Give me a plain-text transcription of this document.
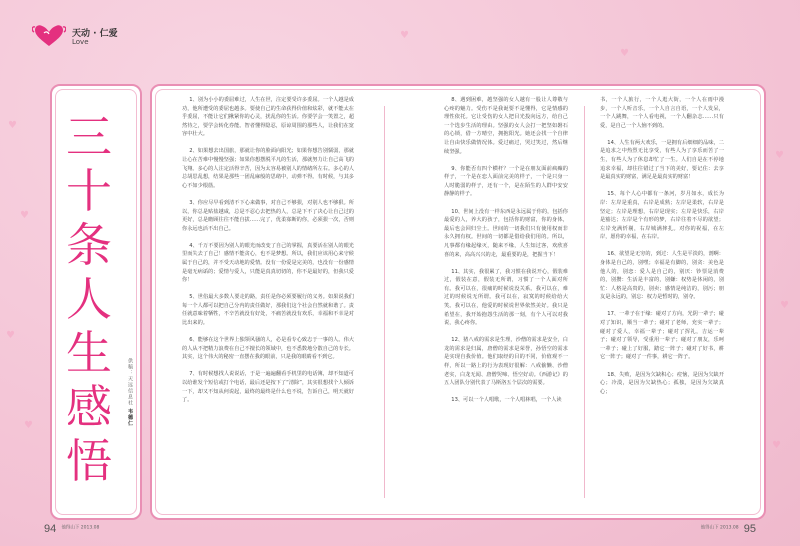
♥
♥
♥
♥
♥
♥
♥
♥
♥
天动 · 仁爱
Love
三
十
条
人
生
感
悟
供稿：天远信息社 韦德仁

1、别为小小的委屈难过，人生在世，注定要受许多委屈。一个人越是成功，他所遭受的委屈也越多。要使自己的生命获得价值和炫彩，就不能太在乎委屈，不能让它们揪紧你的心灵，扰乱你的生活。你要学会一笑置之，超然待之，要学会转化券能。智者懂得隐忍，原谅周围的那些人，让我们在宽容中壮大。

2、如果想去出国旅，那就让你的脸面向阳光；如果你想告别懦弱，那就让心在苦难中慢慢坚强；如果你想摆脱平凡的生活，那就努力让自己高飞的飞翔。多心的人注定活得辛苦，因为太容易被别人的情绪所左右。多心的人总胡思乱想，结果是那些一团乱麻般的思绪中，动弹不得。有时候，与其多心不如少根筋。

3、你应尽早看到清不下心来做事，对自己不够狠，对别人也不够狠。所以，你总是贴盐越咸，总是不忍心去把热的人，总是下不了决心让自己过的更好，总是瞻顾往往不能自拔……完了，优柔寡断的你，必须狠一次，否则你永远也活不出自己。

4、千万不要因为别人的眼光而改变了自己的掌握，真要活在别人的眼光里而失去了自己！感情不能贪心，也不是梦想。所以，我们应该用心来守候属于自己的，并不受天动地的爱情。没有一份爱是完美的，也没有一份感情是毫无病诟的；爱情与爱人，只能是真真切切的，你不是最好的，但我只爱你！

5、世俗最大多数人要走的路，责任是你必须要履行的义务。如果说我们每一个人都可以把自己分内的责任做好，那我们这个社会自然就和谐了。责任就意味着牺牲，不辛苦就没有好处，不痛苦就没有欢乐，幸福和不幸是对比出来的。

6、能够在这个世界上独领风骚的人，必是看专心致志于一事的人。伟大的人从不把精力浪费在自己不擅长的领域中，也不悉数地分散自己的专长。其实，这个伟大的秘密一直摆在我的眼前，只是我的眼睛看不到它。

7、有时候想找人说说话，于是一遍遍翻看手机里的电话簿，却不知道可以给谁发个短信或打个电话，最后还是按下了“清除”，其实很想找个人倾诉一下，却又不知从何说起，最终的最终是什么也不说，告诉自己，明天就好了。

8、遇到困难，越坚强的女人越有一股让人尊敬与心疼的魅力。受伤不是我诞要不是懂得，它是情感的理性依托。它让受伤的女人把目光投向远方，给自己一个选步生活的理由。坚强的女人会打一把坚如磐石的心锁，借一方晴空，拥抱阳光。她还会找一个自律让自由快乐做情况体。爱过痛过，哭过笑过，然后继续坚强。

9、你能否有四个横杆？一个是在朋友面前疯癫的样子，一个是在恋人面前完美的样子，一个是只身一人时脆弱的样子，还有一个，是在陌生的人群中安安静静的样子。

10、世间上没有一样东西是永远属于你的，包括你最爱的人，养大的孩子，包括你的财富，你的身体，最后也会回归尘土。世间的一切我们只有使用权而非永久拥有权。世间的一切都是借给我们用的。所以，凡事都有缘起缘灭，随来不缘，人生知过客，欢欣喜喜的来，高高兴兴的走，最重要的是，把握当下！

11、其实，我很累了，我习惯在我说开心，假装难过，假装在意，假装无所谓，习惯了一个人面对所有。我可以在，很痛的时候说没关系。我可以在，难过的时候说无所谓。我可以在，寂寞的时候给给大笑。我可以在，他爱的时候说世界依然美好。我只是希望在，我开始抱怨生活的那一刻，有个人可以对我说，我心疼你。

12、猪八戒的需求是生理，沙僧的需求是安全，白龙的需求是归属，唐僧的需求是荣誉，孙悟空的需求是实现自我价值。他们取经的目的不同，价值观不一样，所以一路上的行为表现好很解：八戒偷懒、沙僧老实，白龙无闻、唐僧哭啼、悟空好动。《西游记》的五人团队分别代表了马斯洛五个层次的需要。

13、可以一个人唱歌，一个人唱林唱，一个人读

书，一个人旅行，一个人逛大街，一个人在雨中漫步，一个人听音乐，一个人自言自语，一个人发呆，一个人跳舞，一个人看电视，一个人翻杂志……只有爱，是自己一个人恼不到的。

14、人生有两大欢乐，一是拥有后细细的品味，二是追求之中热烈无比享受，有些人为了享乐而苦了一生，有些人为了休息却忙了一生。人们自是在不停地追求幸福，却往往错过了当下的美好，要记住：去享是最真实的财富，满足是最真实的财富！

15、每个人心中都有一条河，岁月如水，成长为岸：左岸是重真，右岸是成熟；左岸是柔软，右岸是坚定；左岸是理想，右岸是现实；左岸是快乐，右岸是豁达；左岸是个有形的梦，右岸往着不尽的欲望；左岸充满忻剔，右岸城满摔扎。对你的祝福，在左岸，愿你的幸福，在右岸。

16、欲望是无穷的，到过：人生是平淡的，剖啊：身体是自己的，别嘿；幸福是有脚的，别贪：美色是他人的，别恋：爱人是自己的，别厌：钞票是消费的，别攒：生活是丰富的，别嫌：权势是休闲的，别忙：人格是高贵的，别卖；感情是纯洁的，别污；朋友是永远的，别忘：权力是暂时的，别夺。

17、一辈子在于缘：碰对了方向，光阴一辈子；碰对了知识，顺当一辈子；碰对了老师，充实一辈子；碰对了爱人，幸福一辈子；碰对了挥礼，吉运一辈子；碰对了领导，受重用一辈子；碰对了朋友，乐呵一辈子；碰上了好服，踏它一阵子；碰对了好书，耕它一阵子；碰对了一件事，耕它一阵子。

18、失败，是因为欠缺积心；痘恼，是因为欠缺开心；冷漠，是因为欠缺热心；孤独，是因为欠缺真心；

94 他得山下 2013.08	他得山下 2013.08 95
